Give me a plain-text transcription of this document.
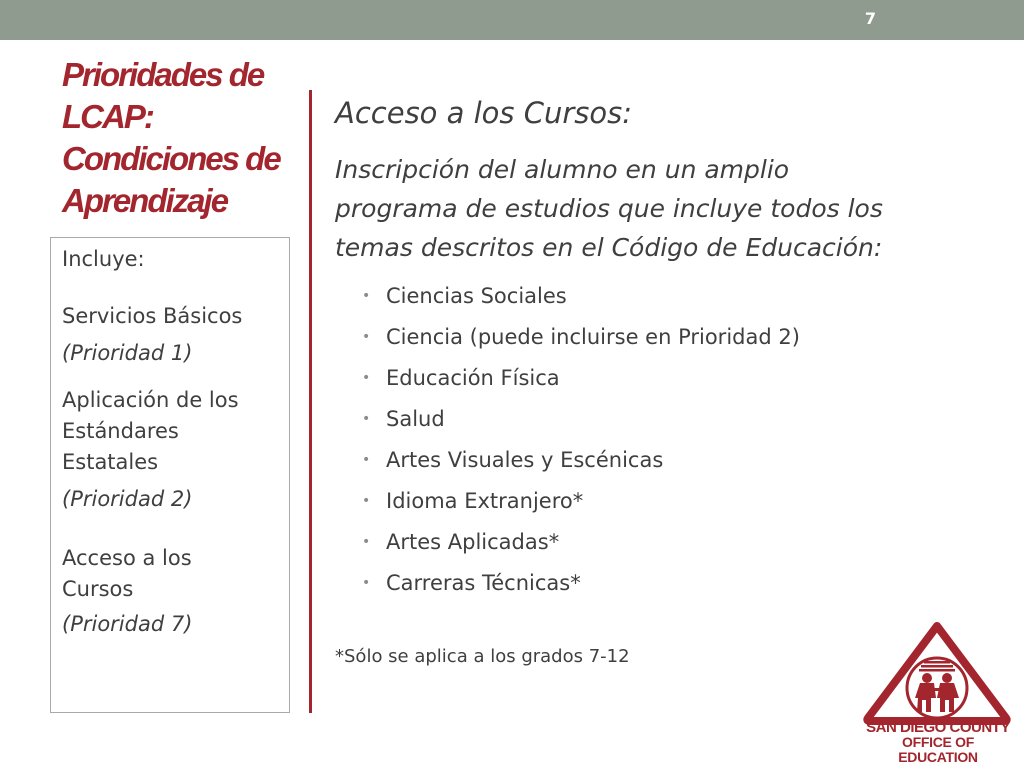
7
Prioridades de
LCAP:
Condiciones de
Aprendizaje
Incluye:
Servicios Básicos
(Prioridad 1)
Aplicación de los
Estándares
Estatales
(Prioridad 2)
Acceso a los
Cursos
(Prioridad 7)
Acceso a los Cursos:
Inscripción del alumno en un amplio
programa de estudios que incluye todos los
temas descritos en el Código de Educación:
• Ciencias Sociales
• Ciencia (puede incluirse en Prioridad 2)
• Educación Física
• Salud
• Artes Visuales y Escénicas
• Idioma Extranjero*
• Artes Aplicadas*
• Carreras Técnicas*
*Sólo se aplica a los grados 7-12
SAN DIEGO COUNTY
OFFICE OF EDUCATION
